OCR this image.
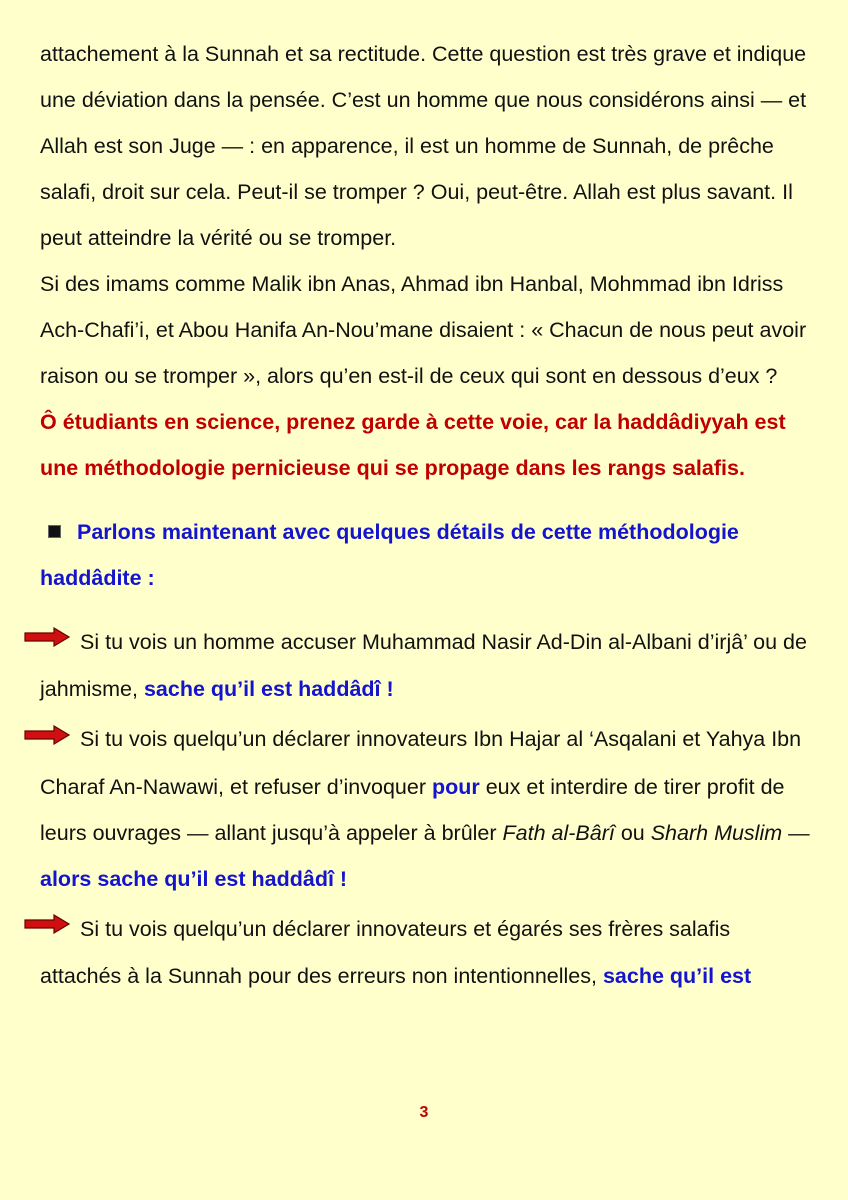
attachement à la Sunnah et sa rectitude. Cette question est très grave et indique une déviation dans la pensée. C’est un homme que nous considérons ainsi — et Allah est son Juge — : en apparence, il est un homme de Sunnah, de prêche salafi, droit sur cela. Peut-il se tromper ? Oui, peut-être. Allah est plus savant. Il peut atteindre la vérité ou se tromper.

Si des imams comme Malik ibn Anas, Ahmad ibn Hanbal, Mohmmad ibn Idriss Ach-Chafi’i, et Abou Hanifa An-Nou’mane disaient : « Chacun de nous peut avoir raison ou se tromper », alors qu’en est-il de ceux qui sont en dessous d’eux ?

Ô étudiants en science, prenez garde à cette voie, car la haddâdiyyah est une méthodologie pernicieuse qui se propage dans les rangs salafis.

Parlons maintenant avec quelques détails de cette méthodologie

haddâdite :

Si tu vois un homme accuser Muhammad Nasir Ad-Din al-Albani d’irjâ’ ou de jahmisme, sache qu’il est haddâdî !

Si tu vois quelqu’un déclarer innovateurs Ibn Hajar al ‘Asqalani et Yahya Ibn Charaf An-Nawawi, et refuser d’invoquer pour eux et interdire de tirer profit de leurs ouvrages — allant jusqu’à appeler à brûler Fath al-Bârî ou Sharh Muslim — alors sache qu’il est haddâdî !

Si tu vois quelqu’un déclarer innovateurs et égarés ses frères salafis attachés à la Sunnah pour des erreurs non intentionnelles, sache qu’il est

3
